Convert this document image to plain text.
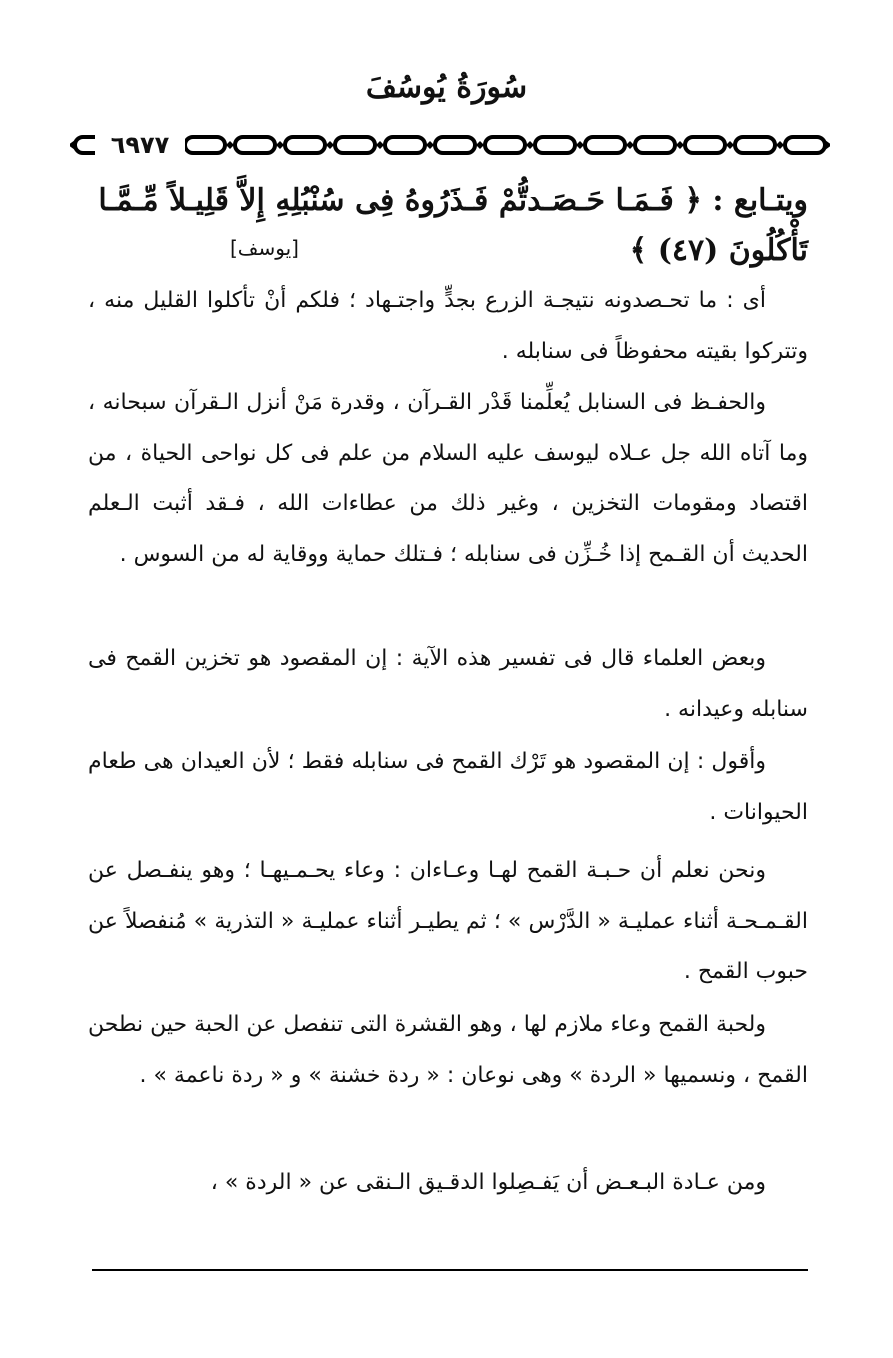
سُورَةُ يُوسُفَ
٦٩٧٧
ويتـابع : ﴿ فَـمَـا حَـصَـدتُّمْ فَـذَرُوهُ فِى سُنْبُلِهِ إِلاَّ قَلِيـلاً مِّـمَّـا
تَأْكُلُونَ (٤٧) ﴾
[يوسف]

أى : ما تحـصدونه نتيجـة الزرع بجدٍّ واجتـهاد ؛ فلكم أنْ تأكلوا القليل منه ، وتتركوا بقيته محفوظاً فى سنابله .

والحفـظ فى السنابل يُعلِّمنا قَدْر القـرآن ، وقدرة مَنْ أنزل الـقرآن سبحانه ، وما آتاه الله جل عـلاه ليوسف عليه السلام من علم فى كل نواحى الحياة ، من اقتصاد ومقومات التخزين ، وغير ذلك من عطاءات الله ، فـقد أثبت الـعلم الحديث أن القـمح إذا خُـزِّن فى سنابله ؛ فـتلك حماية ووقاية له من السوس .

وبعض العلماء قال فى تفسير هذه الآية : إن المقصود هو تخزين القمح فى سنابله وعيدانه .

وأقول : إن المقصود هو تَرْك القمح فى سنابله فقط ؛ لأن العيدان هى طعام الحيوانات .

ونحن نعلم أن حـبـة القمح لهـا وعـاءان : وعاء يحـمـيهـا ؛ وهو ينفـصل عن القـمـحـة أثناء عمليـة « الدَّرْس » ؛ ثم يطيـر أثناء عمليـة « التذرية » مُنفصلاً عن حبوب القمح .

ولحبة القمح وعاء ملازم لها ، وهو القشرة التى تنفصل عن الحبة حين نطحن القمح ، ونسميها « الردة » وهى نوعان : « ردة خشنة » و « ردة ناعمة » .

ومن عـادة البـعـض أن يَفـصِلوا الدقـيق الـنقى عن « الردة » ،
